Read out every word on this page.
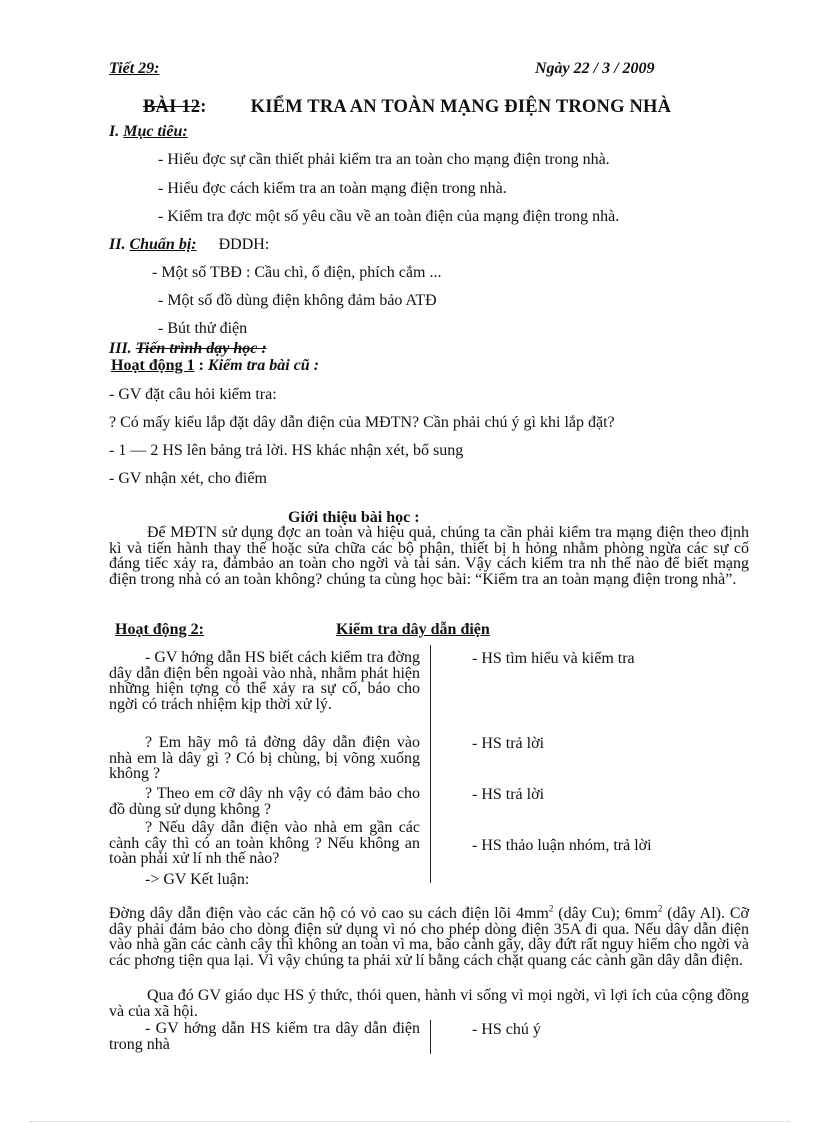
Tiết 29:	Ngày 22 / 3 / 2009
BÀI 12: KIỂM TRA AN TOÀN MẠNG ĐIỆN TRONG NHÀ
I. Mục tiêu:
- Hiểu đợc sự cần thiết phải kiểm tra an toàn cho mạng điện trong nhà.
- Hiểu đợc cách kiểm tra an toàn mạng điện trong nhà.
- Kiểm tra đợc một số yêu cầu về an toàn điện của mạng điện trong nhà.
II. Chuẩn bị: ĐDDH:
- Một số TBĐ : Cầu chì, ổ điện, phích cắm ...
- Một số đồ dùng điện không đảm bảo ATĐ
- Bút thử điện
III. Tiến trình dạy học :
Hoạt động 1 : Kiểm tra bài cũ :
- GV đặt câu hỏi kiểm tra:
? Có mấy kiểu lắp đặt dây dẫn điện của MĐTN? Cần phải chú ý gì khi lắp đặt?
- 1 — 2 HS lên bảng trả lời. HS khác nhận xét, bổ sung
- GV nhận xét, cho điểm
Giới thiệu bài học :
Để MĐTN sử dụng đợc an toàn và hiệu quả, chúng ta cần phải kiểm tra mạng điện theo định kì và tiến hành thay thế hoặc sửa chữa các bộ phận, thiết bị h hỏng nhằm phòng ngừa các sự cố đáng tiếc xảy ra, đảmbảo an toàn cho ngời và tài sản. Vậy cách kiểm tra nh thế nào để biết mạng điện trong nhà có an toàn không? chúng ta cùng học bài: “Kiểm tra an toàn mạng điện trong nhà”.
Hoạt động 2:	Kiểm tra dây dẫn điện
- GV hớng dẫn HS biết cách kiểm tra đờng dây dẫn điện bên ngoài vào nhà, nhằm phát hiện những hiện tợng có thể xảy ra sự cố, báo cho ngời có trách nhiệm kịp thời xử lý.
- HS tìm hiểu và kiểm tra
? Em hãy mô tả đờng dây dẫn điện vào nhà em là dây gì ? Có bị chùng, bị võng xuống không ?
- HS trả lời
? Theo em cỡ dây nh vậy có đảm bảo cho đồ dùng sử dụng không ?
- HS trả lời
? Nếu dây dẫn điện vào nhà em gần các cành cây thì có an toàn không ? Nếu không an toàn phải xử lí nh thế nào?
- HS thảo luận nhóm, trả lời
-> GV Kết luận:
Đờng dây dẫn điện vào các căn hộ có vỏ cao su cách điện lõi $4mm^2$ (dây Cu); $6mm^2$ (dây Al). Cỡ dây phải đảm bảo cho dòng điện sử dụng vì nó cho phép dòng điện 35A đi qua. Nếu dây dẫn điện vào nhà gần các cành cây thì không an toàn vì ma, bão cành gãy, dây đứt rất nguy hiểm cho ngời và các phơng tiện qua lại. Vì vậy chúng ta phải xử lí bằng cách chặt quang các cành gần dây dẫn điện.
Qua đó GV giáo dục HS ý thức, thói quen, hành vi sống vì mọi ngời, vì lợi ích của cộng đồng và của xã hội.
- GV hớng dẫn HS kiểm tra dây dẫn điện trong nhà
- HS chú ý
